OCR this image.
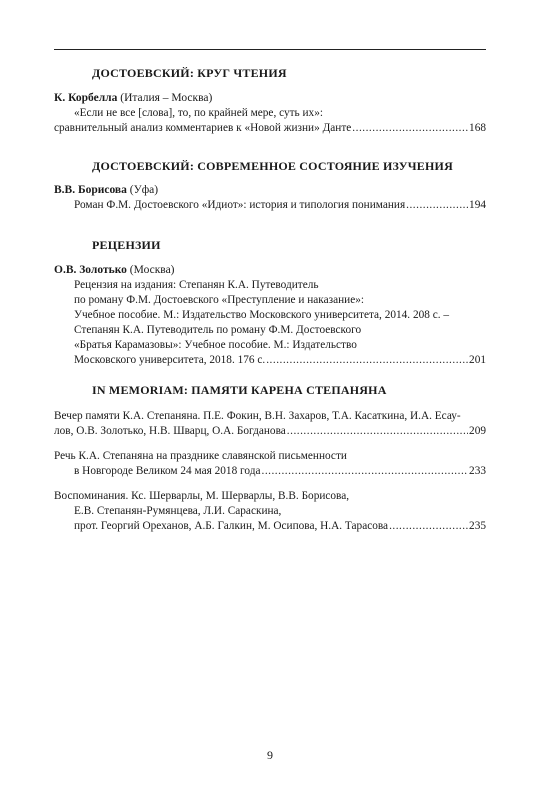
ДОСТОЕВСКИЙ: КРУГ ЧТЕНИЯ

К. Корбелла (Италия – Москва)

«Если не все [слова], то, по крайней мере, суть их»:
сравнительный анализ комментариев к «Новой жизни» Данте .....	168

ДОСТОЕВСКИЙ: СОВРЕМЕННОЕ СОСТОЯНИЕ ИЗУЧЕНИЯ

В.В. Борисова (Уфа)

Роман Ф.М. Достоевского «Идиот»: история и типология понимания .....	194

РЕЦЕНЗИИ

О.В. Золотько (Москва)

Рецензия на издания: Степанян К.А. Путеводитель
по роману Ф.М. Достоевского «Преступление и наказание»:
Учебное пособие. М.: Издательство Московского университета, 2014. 208 с. –
Степанян К.А. Путеводитель по роману Ф.М. Достоевского
«Братья Карамазовы»: Учебное пособие. М.: Издательство
Московского университета, 2018. 176 с. .....	201

IN MEMORIAM: ПАМЯТИ КАРЕНА СТЕПАНЯНА

Вечер памяти К.А. Степаняна. П.Е. Фокин, В.Н. Захаров, Т.А. Касаткина, И.А. Есау-
лов, О.В. Золотько, Н.В. Шварц, О.А. Богданова .....	209
Речь К.А. Степаняна на празднике славянской письменности
в Новгороде Великом 24 мая 2018 года .....	233
Воспоминания. Кс. Шерварлы, М. Шерварлы, В.В. Борисова,
Е.В. Степанян-Румянцева, Л.И. Сараскина,
прот. Георгий Ореханов, А.Б. Галкин, М. Осипова, Н.А. Тарасова .....	235
9
